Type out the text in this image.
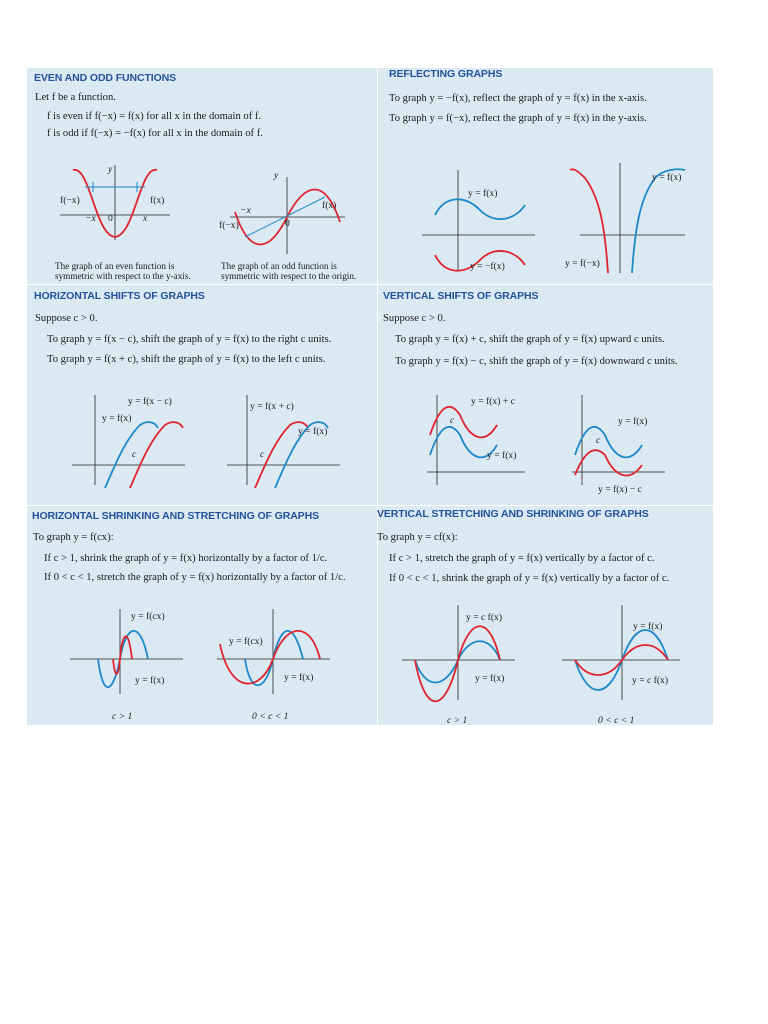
EVEN AND ODD FUNCTIONS
Let f be a function.
f is even if f(−x) = f(x) for all x in the domain of f.
f is odd if f(−x) = −f(x) for all x in the domain of f.
f(−x)	f(x)
−x 0	x
y
The graph of an even function is
symmetric with respect to the y-axis.
y
f(x)
f(−x)
−x
0
The graph of an odd function is
symmetric with respect to the origin.
REFLECTING GRAPHS
To graph y = −f(x), reflect the graph of y = f(x) in the x-axis.
To graph y = f(−x), reflect the graph of y = f(x) in the y-axis.
y = f(x)
y = −f(x)
y = f(x)
y = f(−x)
HORIZONTAL SHIFTS OF GRAPHS
Suppose c > 0.
To graph y = f(x − c), shift the graph of y = f(x) to the right c units.
To graph y = f(x + c), shift the graph of y = f(x) to the left c units.
y = f(x − c)
y = f(x)
c
y = f(x + c)
y = f(x)
c
VERTICAL SHIFTS OF GRAPHS
Suppose c > 0.
To graph y = f(x) + c, shift the graph of y = f(x) upward c units.
To graph y = f(x) − c, shift the graph of y = f(x) downward c units.
y = f(x) + c
y = f(x)
c	y = f(x)
y = f(x) − c
c
HORIZONTAL SHRINKING AND STRETCHING OF GRAPHS
To graph y = f(cx):
If c > 1, shrink the graph of y = f(x) horizontally by a factor of 1/c.
If 0 < c < 1, stretch the graph of y = f(x) horizontally by a factor of 1/c.
y = f(cx)
y = f(x)
c > 1
y = f(cx)
y = f(x)
0 < c < 1
VERTICAL STRETCHING AND SHRINKING OF GRAPHS
To graph y = cf(x):
If c > 1, stretch the graph of y = f(x) vertically by a factor of c.
If 0 < c < 1, shrink the graph of y = f(x) vertically by a factor of c.
y = c f(x)
y = f(x)
c > 1
y = f(x)
y = c f(x)
0 < c < 1
